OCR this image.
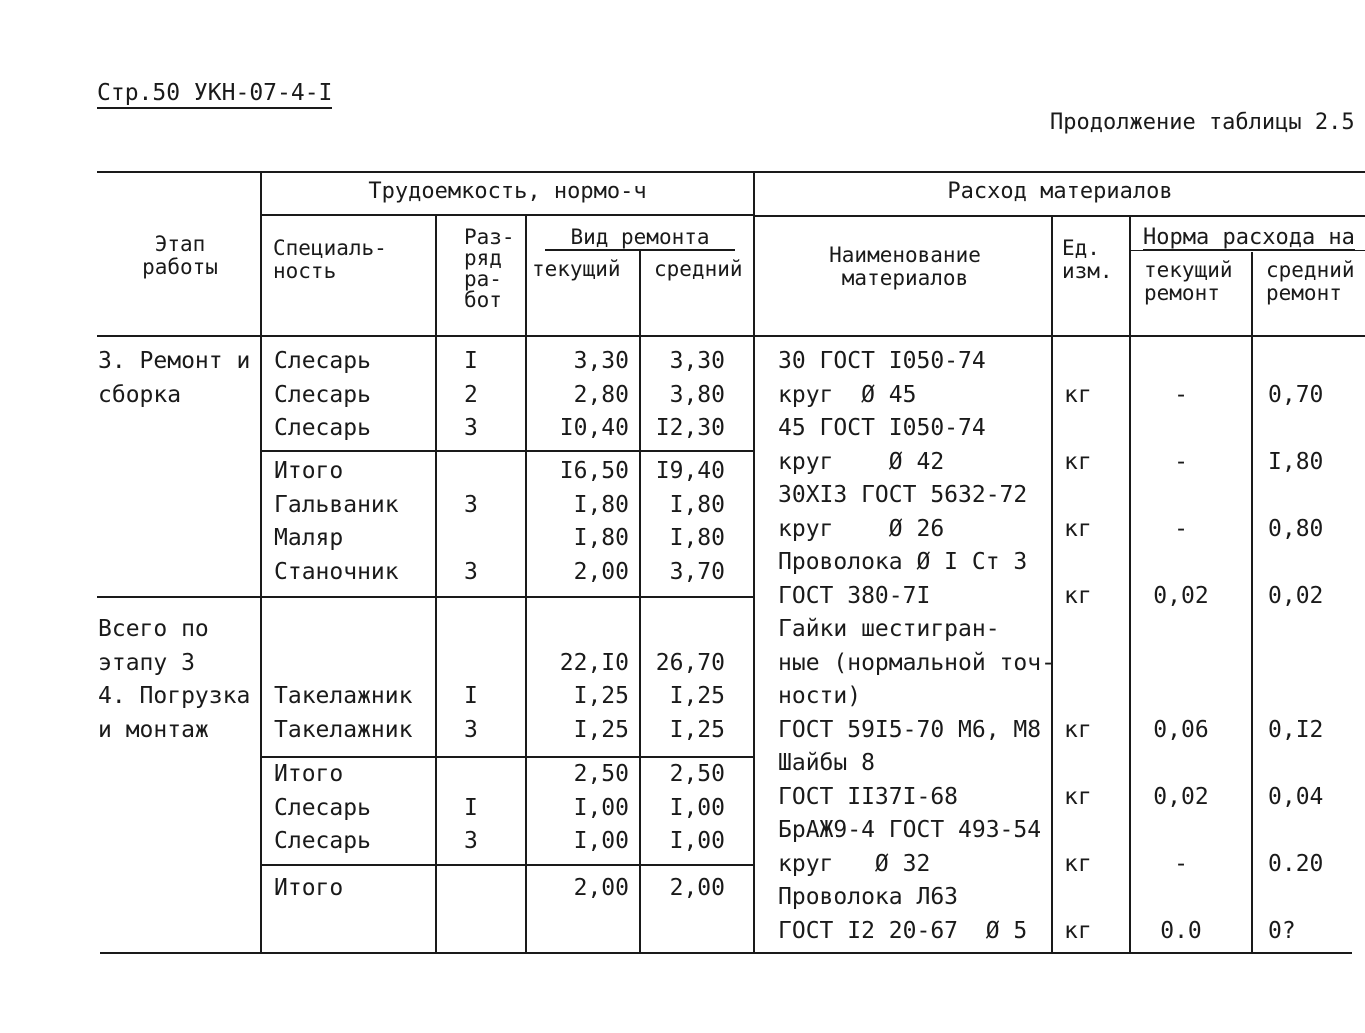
Стр.50 УКН-07-4-I
Продолжение таблицы 2.5
Этап
работы
Трудоемкость, нормо-ч
Специаль-
ность
Раз-
ряд
ра-
бот
Вид ремонта
текущий средний
Расход материалов
Наименование
материалов
Ед.
изм.
Норма расхода на
текущий
ремонт
средний
ремонт
3. Ремонт и
сборка

Всего по
этапу 3
4. Погрузка
и монтаж
Слесарь
Слесарь
Слесарь
Итого
Гальваник
Маляр
Станочник

Такелажник
Такелажник
Итого
Слесарь
Слесарь
Итого
I
2
3

3

3

I
3

I
3
3,30
2,80
I0,40
I6,50
I,80
I,80
2,00

22,I0
I,25
I,25
2,50
I,00
I,00
2,00
3,30
3,80
I2,30
I9,40
I,80
I,80
3,70

26,70
I,25
I,25
2,50
I,00
I,00
2,00
30 ГОСТ I050-74
круг  Ø 45
45 ГОСТ I050-74
круг    Ø 42
30ХI3 ГОСТ 5632-72
круг    Ø 26
Проволока Ø I Ст 3
ГОСТ 380-7I
Гайки шестигран-
ные (нормальной точ-
ности)
ГОСТ 59I5-70 М6, М8
Шайбы 8
ГОСТ II37I-68
БрАЖ9-4 ГОСТ 493-54
круг   Ø 32
Проволока Л63
ГОСТ I2 20-67  Ø 5

кг

кг

кг

кг

кг

кг

кг

кг

-

-

-

0,02

0,06

0,02

-

0.0

0,70

I,80

0,80

0,02

0,I2

0,04

0.20

0?
